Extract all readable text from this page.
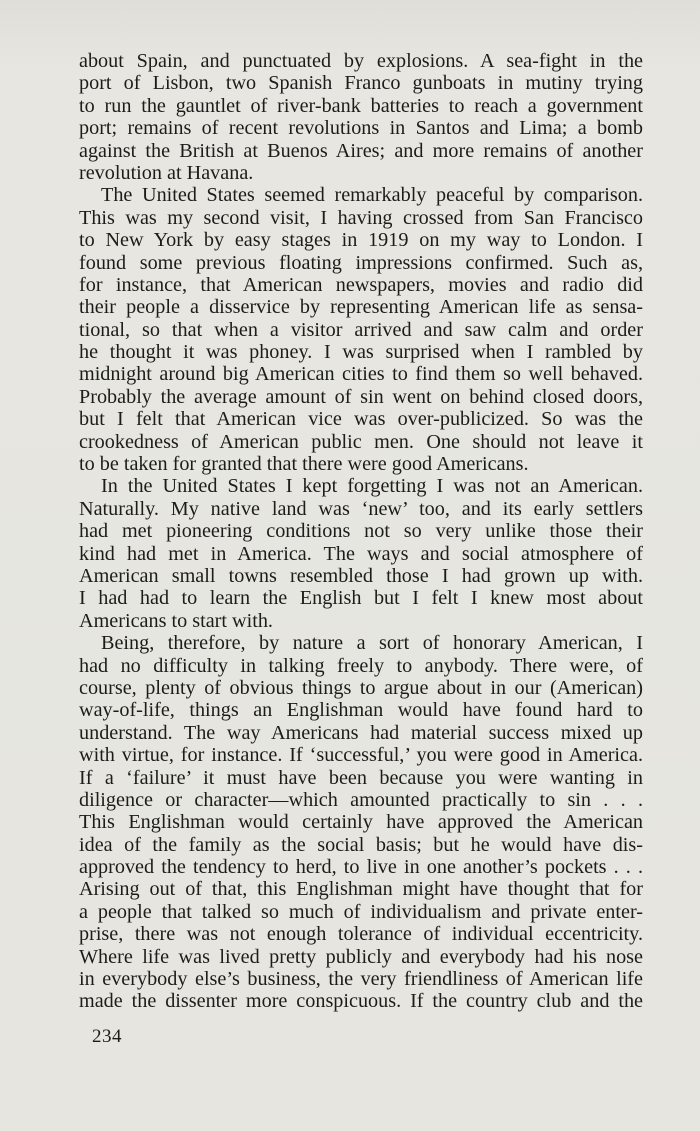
about Spain, and punctuated by explosions. A sea-fight in the
port of Lisbon, two Spanish Franco gunboats in mutiny trying
to run the gauntlet of river-bank batteries to reach a government
port; remains of recent revolutions in Santos and Lima; a bomb
against the British at Buenos Aires; and more remains of another
revolution at Havana.
The United States seemed remarkably peaceful by comparison.
This was my second visit, I having crossed from San Francisco
to New York by easy stages in 1919 on my way to London. I
found some previous floating impressions confirmed. Such as,
for instance, that American newspapers, movies and radio did
their people a disservice by representing American life as sensa-
tional, so that when a visitor arrived and saw calm and order
he thought it was phoney. I was surprised when I rambled by
midnight around big American cities to find them so well behaved.
Probably the average amount of sin went on behind closed doors,
but I felt that American vice was over-publicized. So was the
crookedness of American public men. One should not leave it
to be taken for granted that there were good Americans.
In the United States I kept forgetting I was not an American.
Naturally. My native land was ‘new’ too, and its early settlers
had met pioneering conditions not so very unlike those their
kind had met in America. The ways and social atmosphere of
American small towns resembled those I had grown up with.
I had had to learn the English but I felt I knew most about
Americans to start with.
Being, therefore, by nature a sort of honorary American, I
had no difficulty in talking freely to anybody. There were, of
course, plenty of obvious things to argue about in our (American)
way-of-life, things an Englishman would have found hard to
understand. The way Americans had material success mixed up
with virtue, for instance. If ‘successful,’ you were good in America.
If a ‘failure’ it must have been because you were wanting in
diligence or character—which amounted practically to sin . . .
This Englishman would certainly have approved the American
idea of the family as the social basis; but he would have dis-
approved the tendency to herd, to live in one another’s pockets . . .
Arising out of that, this Englishman might have thought that for
a people that talked so much of individualism and private enter-
prise, there was not enough tolerance of individual eccentricity.
Where life was lived pretty publicly and everybody had his nose
in everybody else’s business, the very friendliness of American life
made the dissenter more conspicuous. If the country club and the
234
